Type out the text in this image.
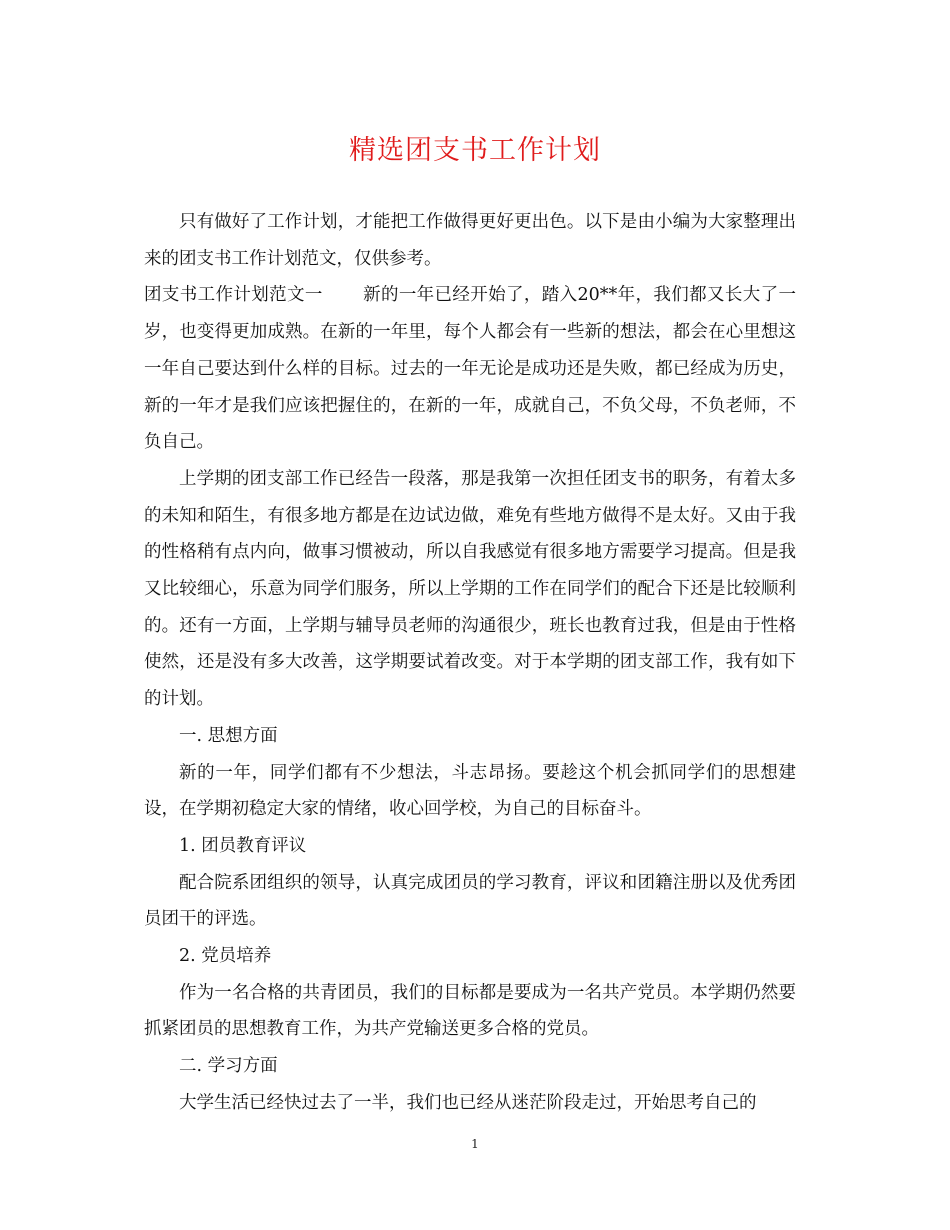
精选团支书工作计划

只有做好了工作计划，才能把工作做得更好更出色。以下是由小编为大家整理出来的团支书工作计划范文，仅供参考。

团支书工作计划范文一 新的一年已经开始了，踏入20**年，我们都又长大了一岁，也变得更加成熟。在新的一年里，每个人都会有一些新的想法，都会在心里想这一年自己要达到什么样的目标。过去的一年无论是成功还是失败，都已经成为历史，新的一年才是我们应该把握住的，在新的一年，成就自己，不负父母，不负老师，不负自己。

上学期的团支部工作已经告一段落，那是我第一次担任团支书的职务，有着太多的未知和陌生，有很多地方都是在边试边做，难免有些地方做得不是太好。又由于我的性格稍有点内向，做事习惯被动，所以自我感觉有很多地方需要学习提高。但是我又比较细心，乐意为同学们服务，所以上学期的工作在同学们的配合下还是比较顺利的。还有一方面，上学期与辅导员老师的沟通很少，班长也教育过我，但是由于性格使然，还是没有多大改善，这学期要试着改变。对于本学期的团支部工作，我有如下的计划。

一. 思想方面

新的一年，同学们都有不少想法，斗志昂扬。要趁这个机会抓同学们的思想建设，在学期初稳定大家的情绪，收心回学校，为自己的目标奋斗。

1. 团员教育评议

配合院系团组织的领导，认真完成团员的学习教育，评议和团籍注册以及优秀团员团干的评选。

2. 党员培养

作为一名合格的共青团员，我们的目标都是要成为一名共产党员。本学期仍然要抓紧团员的思想教育工作，为共产党输送更多合格的党员。

二. 学习方面

大学生活已经快过去了一半，我们也已经从迷茫阶段走过，开始思考自己的

1
